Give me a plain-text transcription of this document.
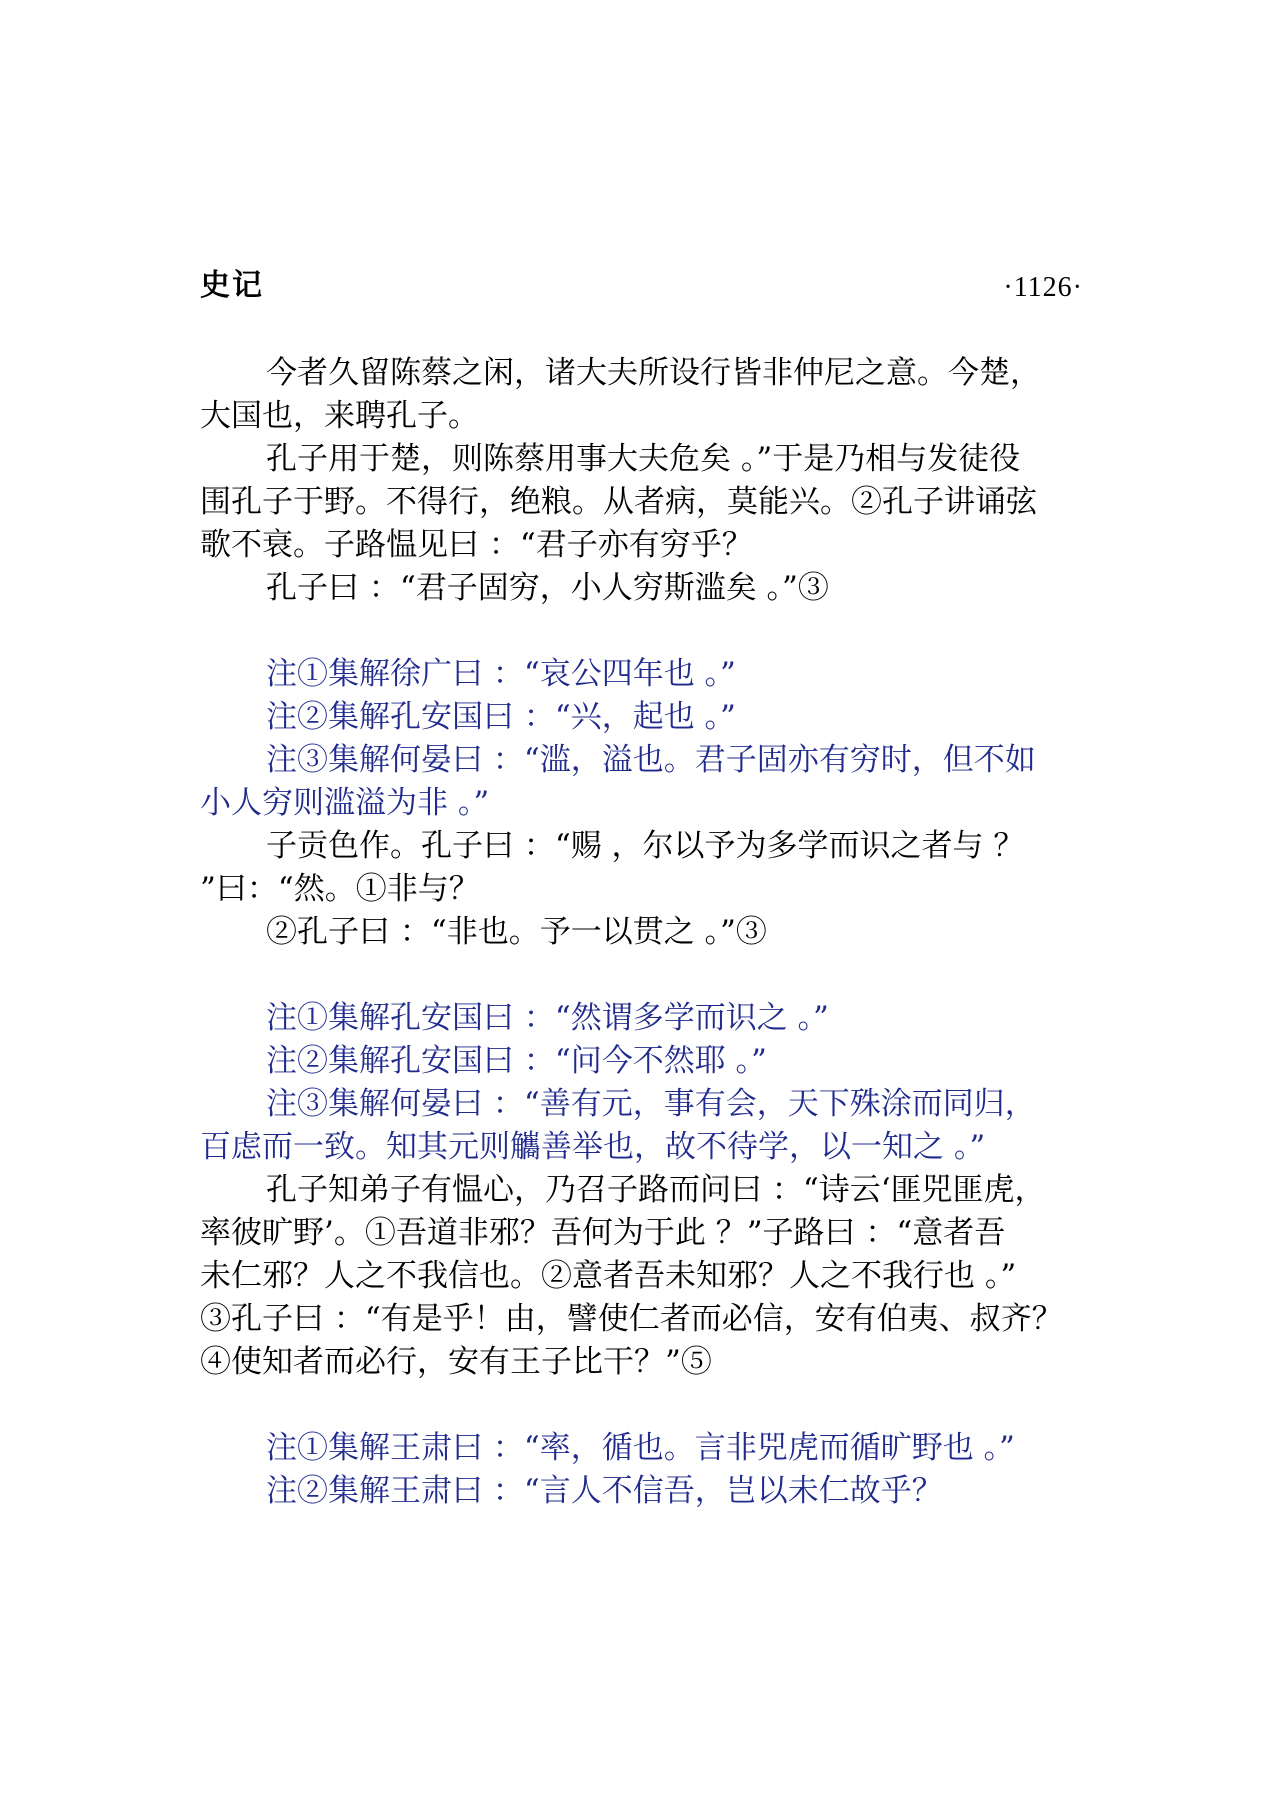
史记	·1126·
今者久留陈蔡之闲，诸大夫所设行皆非仲尼之意。今楚，
大国也，来聘孔子。
孔子用于楚，则陈蔡用事大夫危矣 。”于是乃相与发徒役
围孔子于野。不得行，绝粮。从者病，莫能兴。②孔子讲诵弦
歌不衰。子路愠见曰 ：“君子亦有穷乎？
孔子曰 ：“君子固穷，小人穷斯滥矣 。”③
注①集解徐广曰 ：“哀公四年也 。”
注②集解孔安国曰 ：“兴，起也 。”
注③集解何晏曰 ：“滥，溢也。君子固亦有穷时，但不如
小人穷则滥溢为非 。”
子贡色作。孔子曰 ：“赐 ，尔以予为多学而识之者与 ？
”曰：“然。①非与？
②孔子曰 ：“非也。予一以贯之 。”③
注①集解孔安国曰 ：“然谓多学而识之 。”
注②集解孔安国曰 ：“问今不然耶 。”
注③集解何晏曰 ：“善有元，事有会，天下殊涂而同归，
百虑而一致。知其元则觿善举也，故不待学，以一知之 。”
孔子知弟子有愠心，乃召子路而问曰 ：“诗云‘匪兕匪虎，
率彼旷野’。①吾道非邪？吾何为于此 ？”子路曰 ：“意者吾
未仁邪？人之不我信也。②意者吾未知邪？人之不我行也 。”
③孔子曰 ：“有是乎！由，譬使仁者而必信，安有伯夷、叔齐？
④使知者而必行，安有王子比干？”⑤
注①集解王肃曰 ：“率，循也。言非兕虎而循旷野也 。”
注②集解王肃曰 ：“言人不信吾，岂以未仁故乎？
